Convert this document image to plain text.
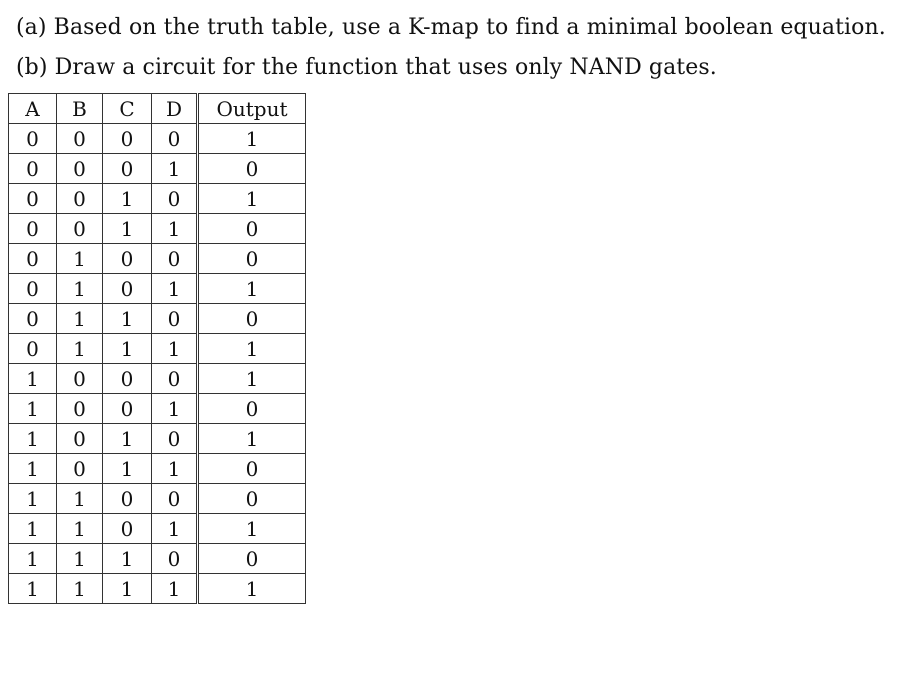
(a) Based on the truth table, use a K-map to find a minimal boolean equation.
(b) Draw a circuit for the function that uses only NAND gates.
A	B	C	D	Output
0	0	0	0	1
0	0	0	1	0
0	0	1	0	1
0	0	1	1	0
0	1	0	0	0
0	1	0	1	1
0	1	1	0	0
0	1	1	1	1
1	0	0	0	1
1	0	0	1	0
1	0	1	0	1
1	0	1	1	0
1	1	0	0	0
1	1	0	1	1
1	1	1	0	0
1	1	1	1	1
